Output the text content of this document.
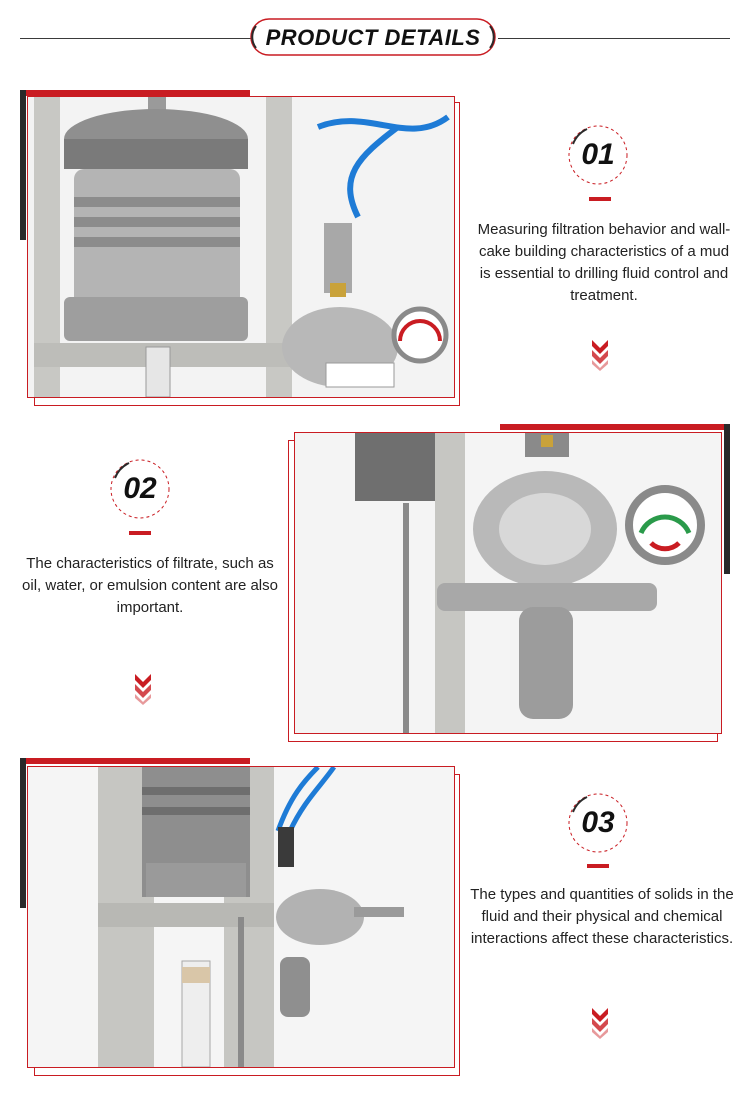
PRODUCT DETAILS
01
Measuring filtration behavior and wall-cake building characteristics of a mud is essential to drilling fluid control and treatment.
02
The characteristics of filtrate, such as oil, water, or emulsion content are also important.
03
The types and quantities of solids in the fluid and their physical and chemical interactions affect these characteristics.
